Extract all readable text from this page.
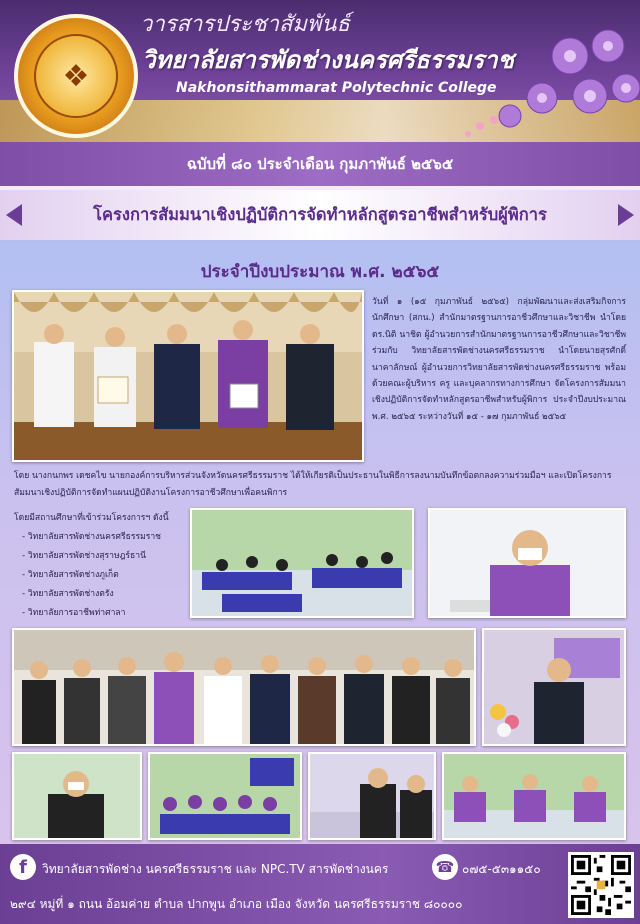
❖
วารสารประชาสัมพันธ์
วิทยาลัยสารพัดช่างนครศรีธรรมราช
Nakhonsithammarat Polytechnic College
ฉบับที่ ๘๐ ประจำเดือน กุมภาพันธ์ ๒๕๖๕
โครงการสัมมนาเชิงปฏิบัติการจัดทำหลักสูตรอาชีพสำหรับผู้พิการ
ประจำปีงบประมาณ พ.ศ. ๒๕๖๕
วันที่ ๑ (๑๕ กุมภาพันธ์ ๒๕๖๕) กลุ่มพัฒนาและส่งเสริมกิจการนักศึกษา (สกน.) สำนักมาตรฐานการอาชีวศึกษาและวิชาชีพ นำโดย ดร.นิติ นาชิต ผู้อำนวยการสำนักมาตรฐานการอาชีวศึกษาและวิชาชีพ ร่วมกับ วิทยาลัยสารพัดช่างนครศรีธรรมราช นำโดยนายสุรศักดิ์ นาคาลักษณ์ ผู้อำนวยการวิทยาลัยสารพัดช่างนครศรีธรรมราช พร้อมด้วยคณะผู้บริหาร ครู และบุคลากรทางการศึกษา จัดโครงการสัมมนาเชิงปฏิบัติการจัดทำหลักสูตรอาชีพสำหรับผู้พิการ ประจำปีงบประมาณ พ.ศ. ๒๕๖๕ ระหว่างวันที่ ๑๕ - ๑๗ กุมภาพันธ์ ๒๕๖๕
โดย นางกนกพร เดชคไข นายกองค์การบริหารส่วนจังหวัดนครศรีธรรมราช ได้ให้เกียรติเป็นประธานในพิธีการลงนามบันทึกข้อตกลงความร่วมมือฯ และเปิดโครงการสัมมนาเชิงปฏิบัติการจัดทำแผนปฏิบัติงานโครงการอาชีวศึกษาเพื่อคนพิการ
โดยมีสถานศึกษาที่เข้าร่วมโครงการฯ ดังนี้
- วิทยาลัยสารพัดช่างนครศรีธรรมราช
- วิทยาลัยสารพัดช่างสุราษฎร์ธานี
- วิทยาลัยสารพัดช่างภูเก็ต
- วิทยาลัยสารพัดช่างตรัง
- วิทยาลัยการอาชีพท่าศาลา
f	วิทยาลัยสารพัดช่าง นครศรีธรรมราช และ NPC.TV สารพัดช่างนคร	☎ ๐๗๕-๕๓๑๑๕๐
๒๙๔ หมู่ที่ ๑ ถนน อ้อมค่าย ตำบล ปากพูน อำเภอ เมือง จังหวัด นครศรีธรรมราช ๘๐๐๐๐
